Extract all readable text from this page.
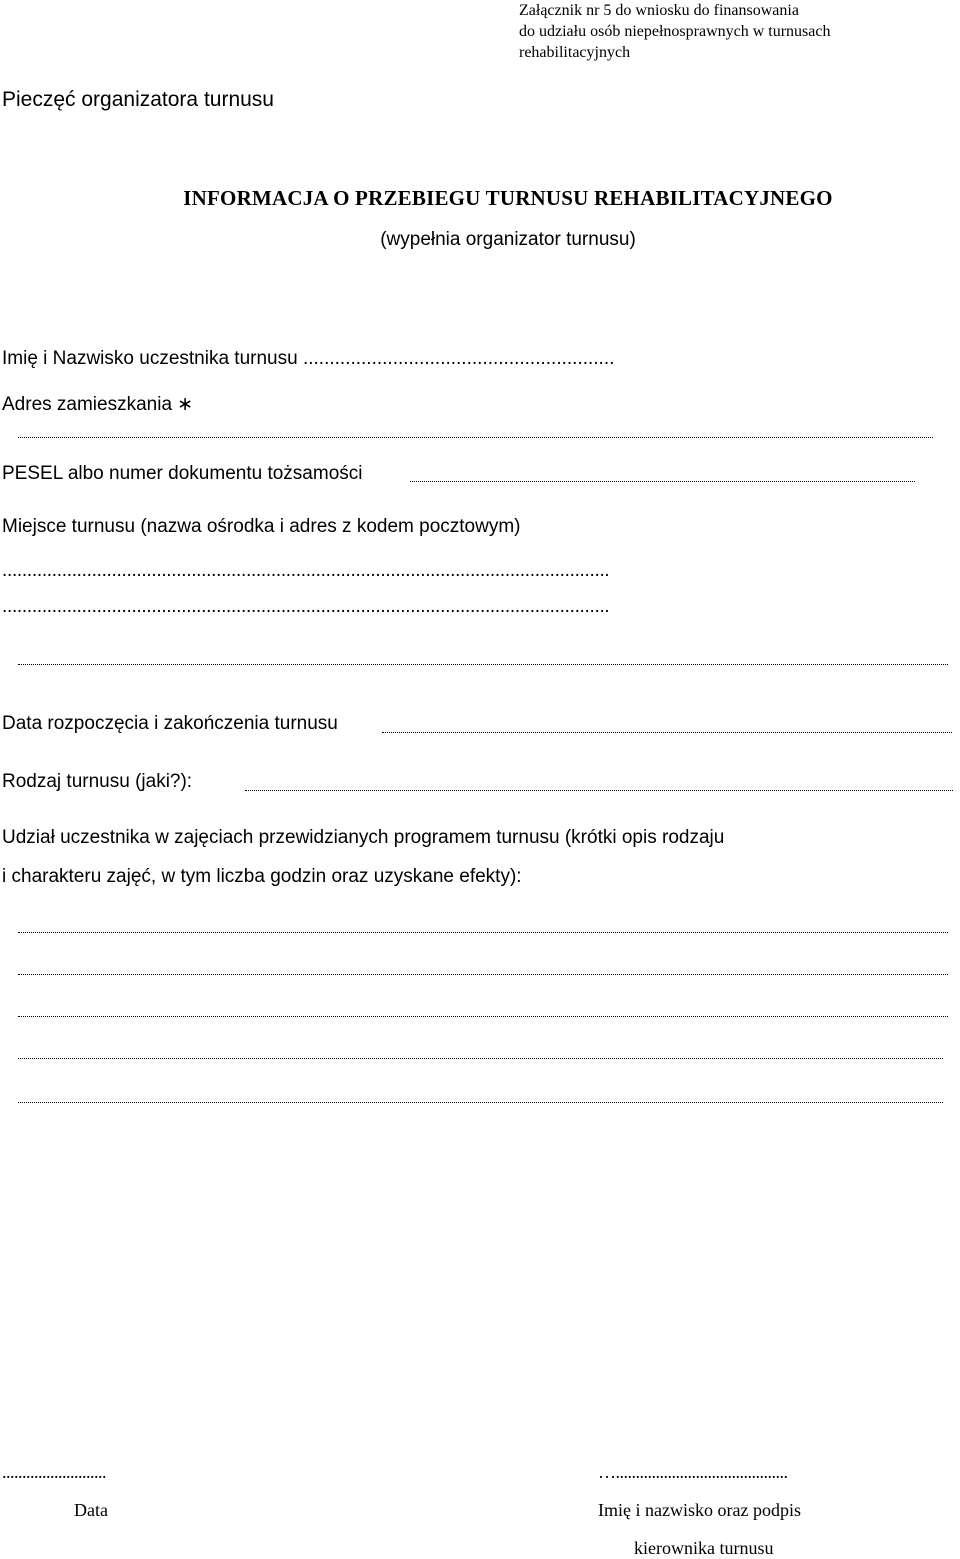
Załącznik nr 5 do wniosku do finansowania
do udziału osób niepełnosprawnych w turnusach
rehabilitacyjnych
Pieczęć organizatora turnusu
INFORMACJA O PRZEBIEGU TURNUSU REHABILITACYJNEGO
(wypełnia organizator turnusu)
Imię i Nazwisko uczestnika turnusu ...........................................................
Adres zamieszkania ∗
PESEL albo numer dokumentu tożsamości
Miejsce turnusu (nazwa ośrodka i adres z kodem pocztowym)
..........................................................................................................................
..........................................................................................................................
Data rozpoczęcia i zakończenia turnusu
Rodzaj turnusu (jaki?):
Udział uczestnika w zajęciach przewidzianych programem turnusu (krótki opis rodzaju
i charakteru zajęć, w tym liczba godzin oraz uzyskane efekty):
..........................
Data
…...........................................
Imię i nazwisko oraz podpis
kierownika turnusu
